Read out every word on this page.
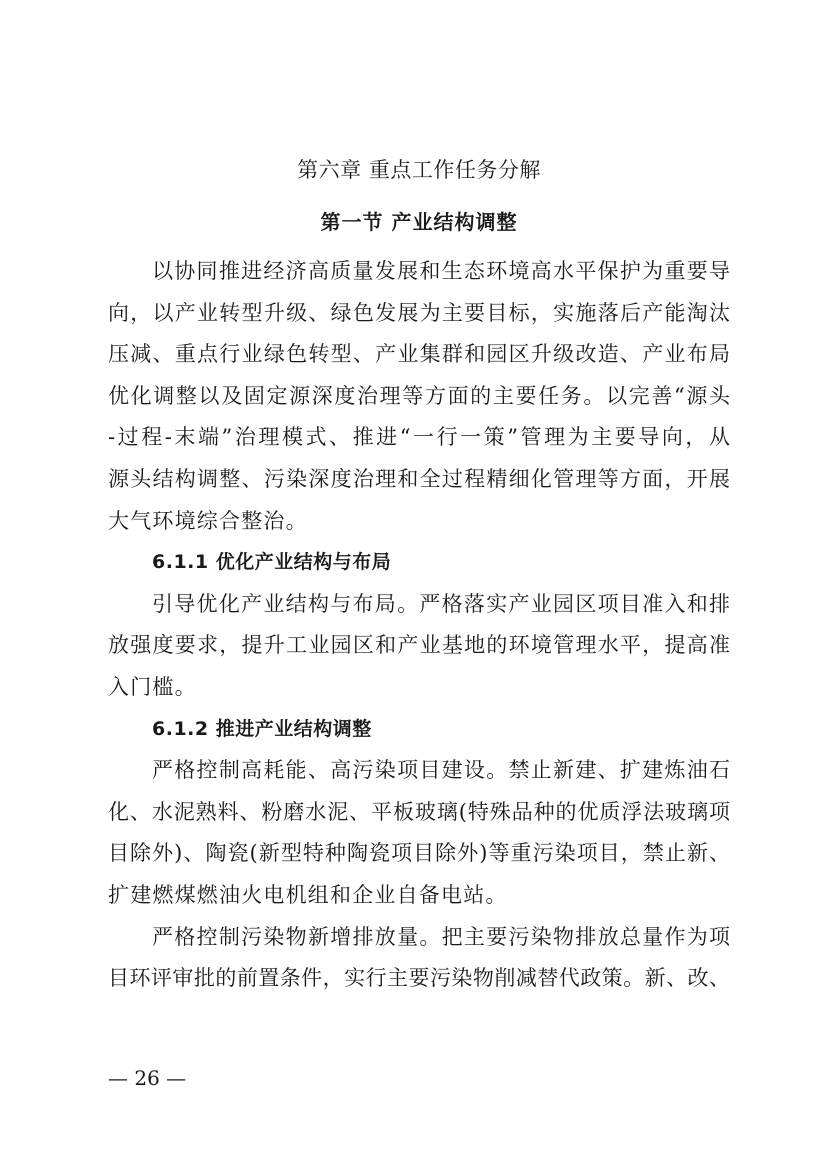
第六章 重点工作任务分解
第一节 产业结构调整
以协同推进经济高质量发展和生态环境高水平保护为重要导
向，以产业转型升级、绿色发展为主要目标，实施落后产能淘汰
压减、重点行业绿色转型、产业集群和园区升级改造、产业布局
优化调整以及固定源深度治理等方面的主要任务。以完善“源头
-过程-末端”治理模式、推进“一行一策”管理为主要导向，从
源头结构调整、污染深度治理和全过程精细化管理等方面，开展
大气环境综合整治。
6.1.1 优化产业结构与布局
引导优化产业结构与布局。严格落实产业园区项目准入和排
放强度要求，提升工业园区和产业基地的环境管理水平，提高准
入门槛。
6.1.2 推进产业结构调整
严格控制高耗能、高污染项目建设。禁止新建、扩建炼油石
化、水泥熟料、粉磨水泥、平板玻璃(特殊品种的优质浮法玻璃项
目除外)、陶瓷(新型特种陶瓷项目除外)等重污染项目，禁止新、
扩建燃煤燃油火电机组和企业自备电站。
严格控制污染物新增排放量。把主要污染物排放总量作为项
目环评审批的前置条件，实行主要污染物削减替代政策。新、改、
— 26 —
